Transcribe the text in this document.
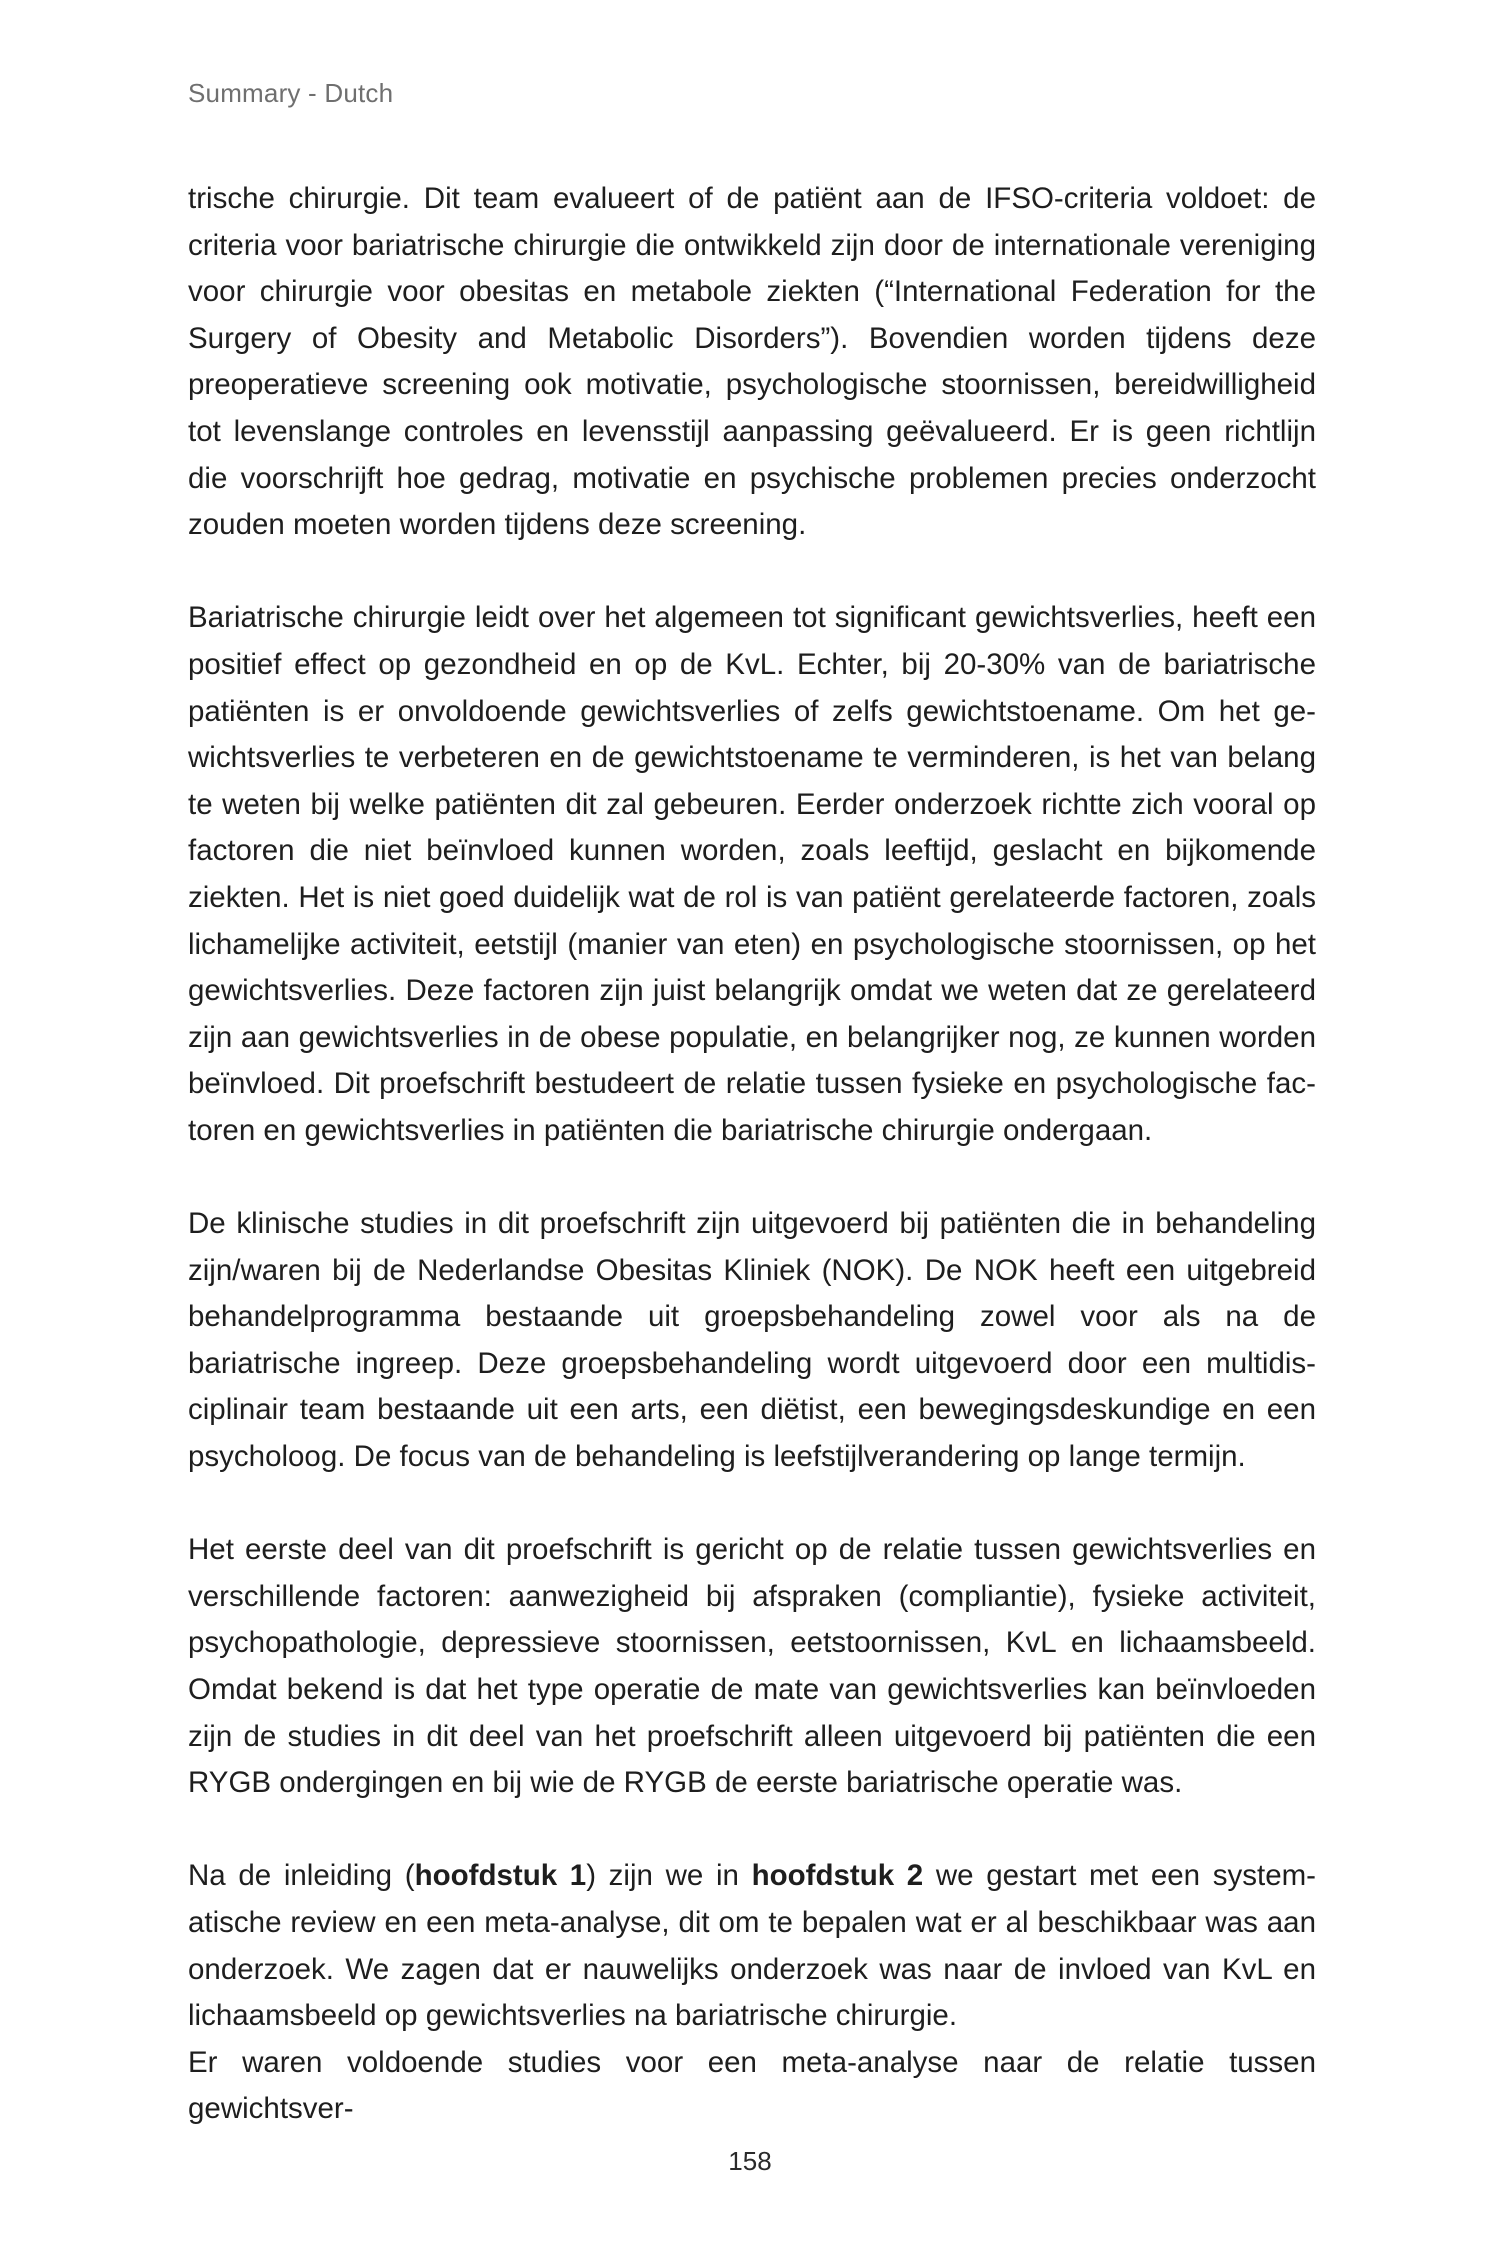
Summary - Dutch

trische chirurgie. Dit team evalueert of de patiënt aan de IFSO-criteria voldoet: de criteria voor bariatrische chirurgie die ontwikkeld zijn door de internationale vereniging voor chirurgie voor obesitas en metabole ziekten (“International Federation for the Surgery of Obesity and Metabolic Disorders”). Bovendien worden tijdens deze preoperatieve screening ook motivatie, psychologische stoornissen, bereidwilligheid tot levenslange controles en levensstijl aanpassing geëvalueerd. Er is geen richtlijn die voorschrijft hoe gedrag, motivatie en psychische problemen precies onderzocht zouden moeten worden tijdens deze screening.

Bariatrische chirurgie leidt over het algemeen tot significant gewichtsverlies, heeft een positief effect op gezondheid en op de KvL. Echter, bij 20-30% van de bariatrische patiënten is er onvoldoende gewichtsverlies of zelfs gewichtstoename. Om het gewichtsverlies te verbeteren en de gewichtstoename te verminderen, is het van belang te weten bij welke patiënten dit zal gebeuren. Eerder onderzoek richtte zich vooral op factoren die niet beïnvloed kunnen worden, zoals leeftijd, geslacht en bijkomende ziekten. Het is niet goed duidelijk wat de rol is van patiënt gerelateerde factoren, zoals lichamelijke activiteit, eetstijl (manier van eten) en psychologische stoornissen, op het gewichtsverlies. Deze factoren zijn juist belangrijk omdat we weten dat ze gerelateerd zijn aan gewichtsverlies in de obese populatie, en belangrijker nog, ze kunnen worden beïnvloed. Dit proefschrift bestudeert de relatie tussen fysieke en psychologische factoren en gewichtsverlies in patiënten die bariatrische chirurgie ondergaan.

De klinische studies in dit proefschrift zijn uitgevoerd bij patiënten die in behandeling zijn/waren bij de Nederlandse Obesitas Kliniek (NOK). De NOK heeft een uitgebreid behandelprogramma bestaande uit groepsbehandeling zowel voor als na de bariatrische ingreep. Deze groepsbehandeling wordt uitgevoerd door een multidisciplinair team bestaande uit een arts, een diëtist, een bewegingsdeskundige en een psycholoog. De focus van de behandeling is leefstijlverandering op lange termijn.

Het eerste deel van dit proefschrift is gericht op de relatie tussen gewichtsverlies en verschillende factoren: aanwezigheid bij afspraken (compliantie), fysieke activiteit, psychopathologie, depressieve stoornissen, eetstoornissen, KvL en lichaamsbeeld. Omdat bekend is dat het type operatie de mate van gewichtsverlies kan beïnvloeden zijn de studies in dit deel van het proefschrift alleen uitgevoerd bij patiënten die een RYGB ondergingen en bij wie de RYGB de eerste bariatrische operatie was.

Na de inleiding (hoofdstuk 1) zijn we in hoofdstuk 2 we gestart met een systematische review en een meta-analyse, dit om te bepalen wat er al beschikbaar was aan onderzoek. We zagen dat er nauwelijks onderzoek was naar de invloed van KvL en lichaamsbeeld op gewichtsverlies na bariatrische chirurgie.

Er waren voldoende studies voor een meta-analyse naar de relatie tussen gewichtsver-

158
